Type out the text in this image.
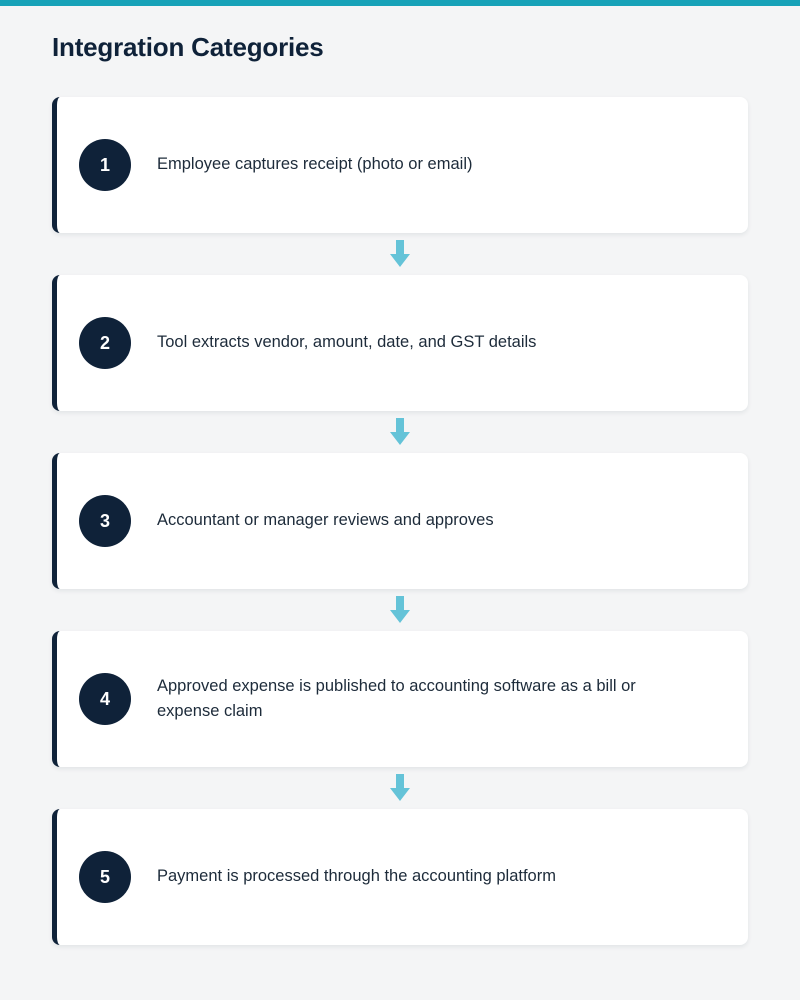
Integration Categories
1	Employee captures receipt (photo or email)
2	Tool extracts vendor, amount, date, and GST details
3	Accountant or manager reviews and approves
4
Approved expense is published to accounting software as a bill or expense claim
5	Payment is processed through the accounting platform
